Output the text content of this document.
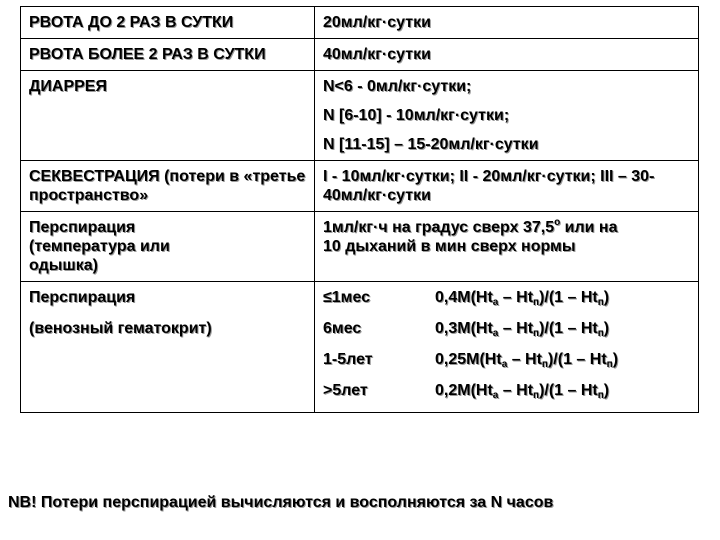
РВОТА ДО 2 РАЗ В СУТКИ	20мл/кг·сутки
РВОТА БОЛЕЕ 2 РАЗ В СУТКИ	40мл/кг·сутки
ДИАРРЕЯ	N<6 - 0мл/кг·сутки;
N [6-10] - 10мл/кг·сутки;
N [11-15] – 15-20мл/кг·сутки

СЕКВЕСТРАЦИЯ (потери в «третье пространство»	I - 10мл/кг·сутки; II - 20мл/кг·сутки; III – 30-40мл/кг·сутки

Перспирация
(температура или
одышка)	1мл/кг·ч на градус сверх $37,5^о$ или на
10 дыханий в мин сверх нормы

Перспирация
(венозный гематокрит)	≤1мес $0,4М(Ht_а - Ht_п)/(1 - Ht_п)$
6мес $0,3М(Ht_а - Ht_п)/(1 - Ht_п)$
1-5лет $0,25М(Ht_а - Ht_п)/(1 - Ht_п)$
>5лет $0,2М(Ht_а - Ht_п)/(1 - Ht_п)$
NB! Потери перспирацией вычисляются и восполняются за N часов
